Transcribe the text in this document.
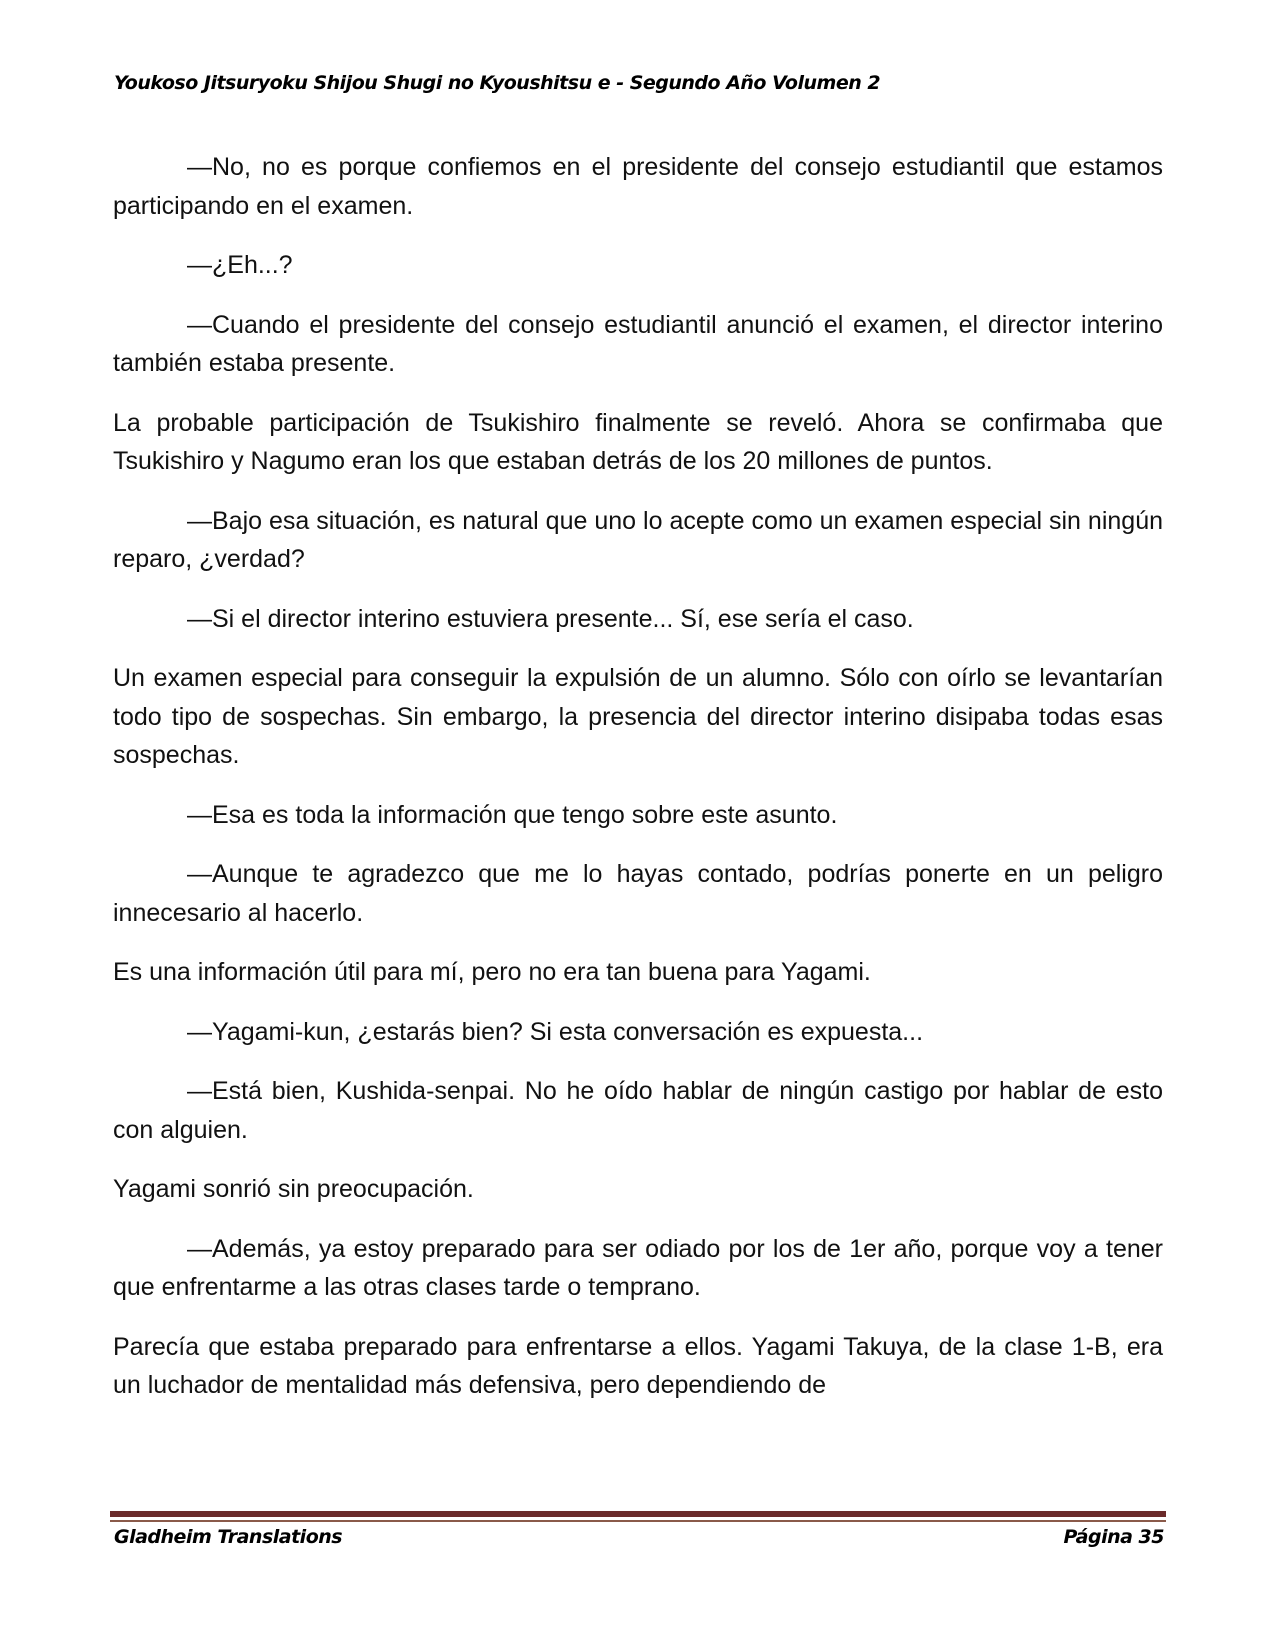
Youkoso Jitsuryoku Shijou Shugi no Kyoushitsu e - Segundo Año Volumen 2

—No, no es porque confiemos en el presidente del consejo estudiantil que estamos participando en el examen.

—¿Eh...?

—Cuando el presidente del consejo estudiantil anunció el examen, el director interino también estaba presente.

La probable participación de Tsukishiro finalmente se reveló. Ahora se confirmaba que Tsukishiro y Nagumo eran los que estaban detrás de los 20 millones de puntos.

—Bajo esa situación, es natural que uno lo acepte como un examen especial sin ningún reparo, ¿verdad?

—Si el director interino estuviera presente... Sí, ese sería el caso.

Un examen especial para conseguir la expulsión de un alumno. Sólo con oírlo se levantarían todo tipo de sospechas. Sin embargo, la presencia del director interino disipaba todas esas sospechas.

—Esa es toda la información que tengo sobre este asunto.

—Aunque te agradezco que me lo hayas contado, podrías ponerte en un peligro innecesario al hacerlo.

Es una información útil para mí, pero no era tan buena para Yagami.

—Yagami-kun, ¿estarás bien? Si esta conversación es expuesta...

—Está bien, Kushida-senpai. No he oído hablar de ningún castigo por hablar de esto con alguien.

Yagami sonrió sin preocupación.

—Además, ya estoy preparado para ser odiado por los de 1er año, porque voy a tener que enfrentarme a las otras clases tarde o temprano.

Parecía que estaba preparado para enfrentarse a ellos. Yagami Takuya, de la clase 1-B, era un luchador de mentalidad más defensiva, pero dependiendo de

Gladheim Translations	Página 35
